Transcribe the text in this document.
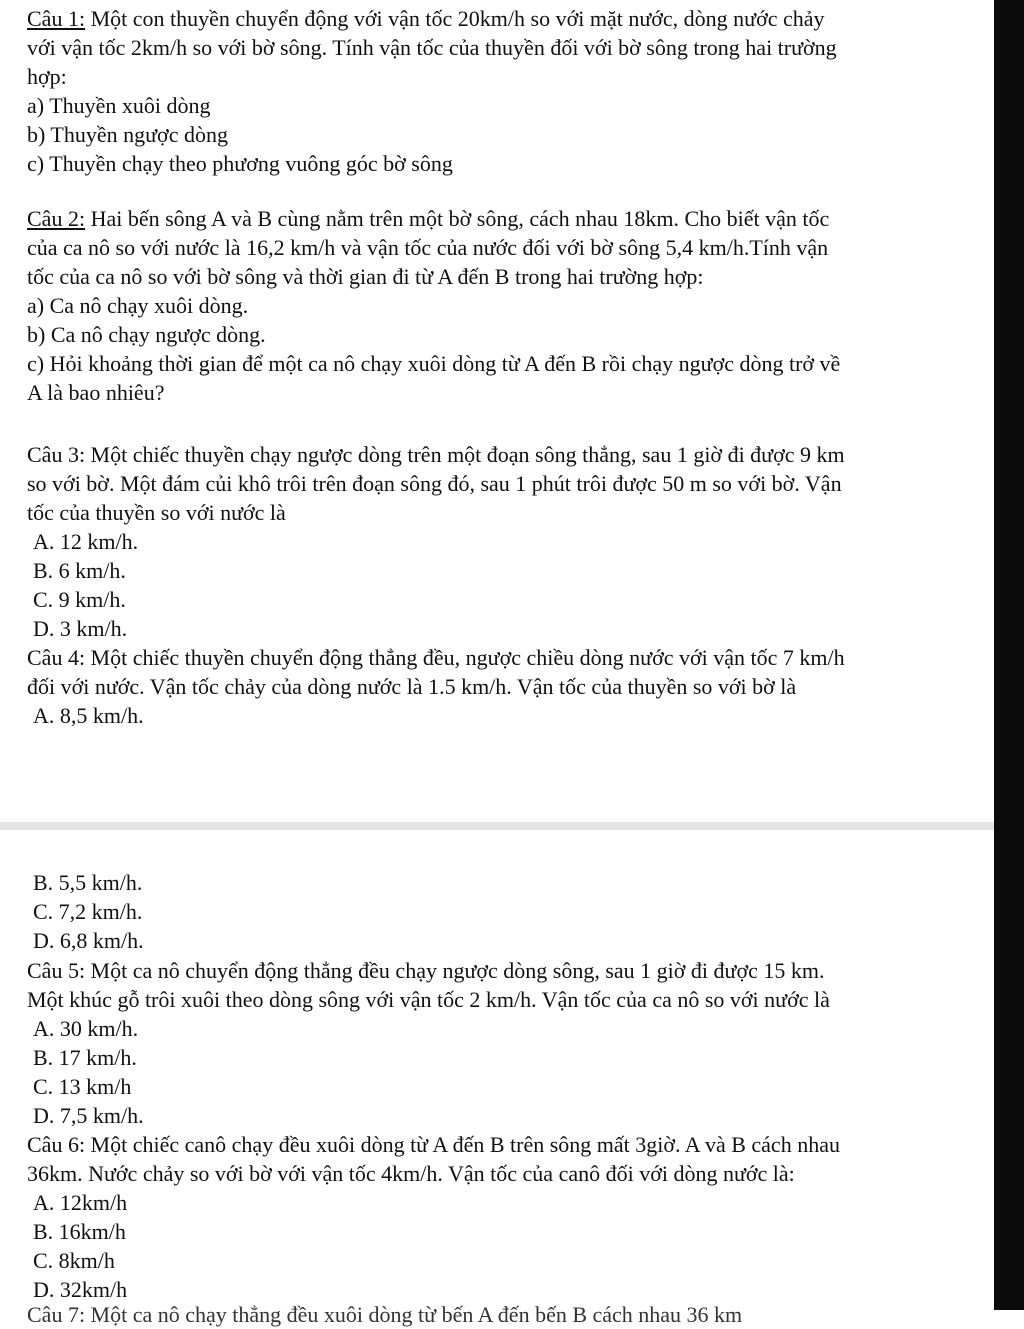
Câu 1: Một con thuyền chuyển động với vận tốc 20km/h so với mặt nước, dòng nước chảy
với vận tốc 2km/h so với bờ sông. Tính vận tốc của thuyền đối với bờ sông trong hai trường
hợp:
a) Thuyền xuôi dòng
b) Thuyền ngược dòng
c) Thuyền chạy theo phương vuông góc bờ sông
Câu 2: Hai bến sông A và B cùng nằm trên một bờ sông, cách nhau 18km. Cho biết vận tốc
của ca nô so với nước là 16,2 km/h và vận tốc của nước đối với bờ sông 5,4 km/h.Tính vận
tốc của ca nô so với bờ sông và thời gian đi từ A đến B trong hai trường hợp:
a) Ca nô chạy xuôi dòng.
b) Ca nô chạy ngược dòng.
c) Hỏi khoảng thời gian để một ca nô chạy xuôi dòng từ A đến B rồi chạy ngược dòng trở về
A là bao nhiêu?
Câu 3: Một chiếc thuyền chạy ngược dòng trên một đoạn sông thẳng, sau 1 giờ đi được 9 km
so với bờ. Một đám củi khô trôi trên đoạn sông đó, sau 1 phút trôi được 50 m so với bờ. Vận
tốc của thuyền so với nước là
A. 12 km/h.
B. 6 km/h.
C. 9 km/h.
D. 3 km/h.
Câu 4: Một chiếc thuyền chuyển động thẳng đều, ngược chiều dòng nước với vận tốc 7 km/h
đối với nước. Vận tốc chảy của dòng nước là 1.5 km/h. Vận tốc của thuyền so với bờ là
A. 8,5 km/h.
B. 5,5 km/h.
C. 7,2 km/h.
D. 6,8 km/h.
Câu 5: Một ca nô chuyển động thẳng đều chạy ngược dòng sông, sau 1 giờ đi được 15 km.
Một khúc gỗ trôi xuôi theo dòng sông với vận tốc 2 km/h. Vận tốc của ca nô so với nước là
A. 30 km/h.
B. 17 km/h.
C. 13 km/h
D. 7,5 km/h.
Câu 6: Một chiếc canô chạy đều xuôi dòng từ A đến B trên sông mất 3giờ. A và B cách nhau
36km. Nước chảy so với bờ với vận tốc 4km/h. Vận tốc của canô đối với dòng nước là:
A. 12km/h
B. 16km/h
C. 8km/h
D. 32km/h
Câu 7: Một ca nô chạy thẳng đều xuôi dòng từ bến A đến bến B cách nhau 36 km
